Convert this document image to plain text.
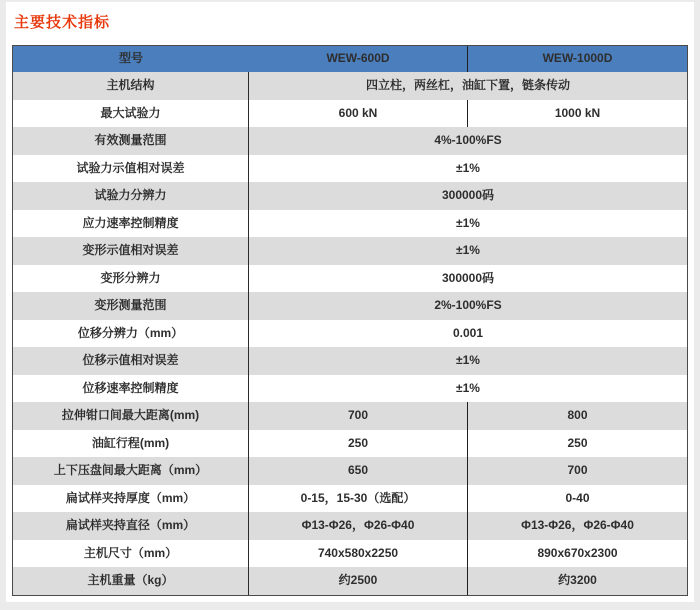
主要技术指标
型号	WEW-600D	WEW-1000D
主机结构	四立柱，两丝杠，油缸下置，链条传动
最大试验力	600 kN	1000 kN
有效测量范围	4%-100%FS
试验力示值相对误差	±1%
试验力分辨力	300000码
应力速率控制精度	±1%
变形示值相对误差	±1%
变形分辨力	300000码
变形测量范围	2%-100%FS
位移分辨力（mm）	0.001
位移示值相对误差	±1%
位移速率控制精度	±1%
拉伸钳口间最大距离(mm)	700	800
油缸行程(mm)	250	250
上下压盘间最大距离（mm）	650	700
扁试样夹持厚度（mm）	0-15，15-30（选配）	0-40
扁试样夹持直径（mm）	Φ13-Φ26，Φ26-Φ40	Φ13-Φ26，Φ26-Φ40
主机尺寸（mm）	740x580x2250	890x670x2300
主机重量（kg）	约2500	约3200
